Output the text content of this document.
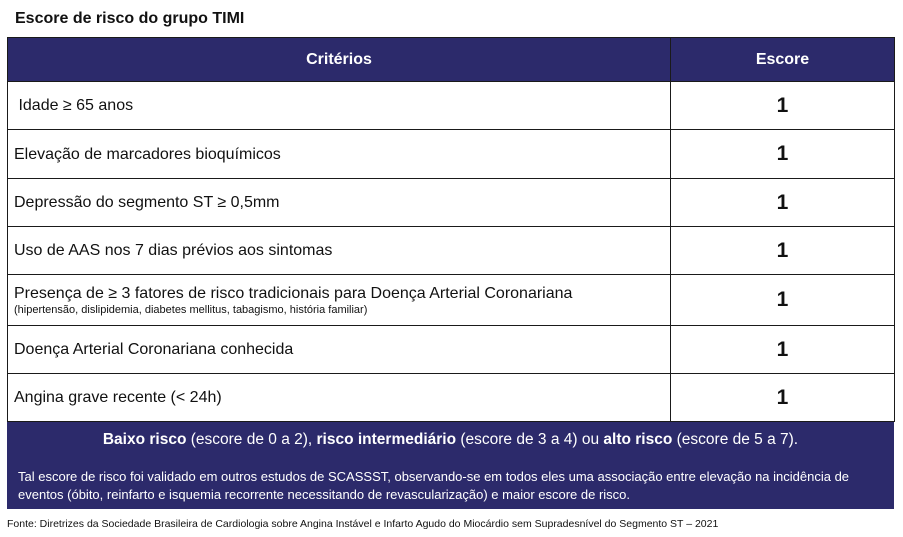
Escore de risco do grupo TIMI
Critérios	Escore
Idade ≥ 65 anos	1
Elevação de marcadores bioquímicos	1
Depressão do segmento ST ≥ 0,5mm	1
Uso de AAS nos 7 dias prévios aos sintomas	1

Presença de ≥ 3 fatores de risco tradicionais para Doença Arterial Coronariana
(hipertensão, dislipidemia, diabetes mellitus, tabagismo, história familiar)	1
Doença Arterial Coronariana conhecida	1
Angina grave recente (< 24h)	1
Baixo risco (escore de 0 a 2), risco intermediário (escore de 3 a 4) ou alto risco (escore de 5 a 7).
Tal escore de risco foi validado em outros estudos de SCASSST, observando-se em todos eles uma associação entre elevação na incidência de eventos (óbito, reinfarto e isquemia recorrente necessitando de revascularização) e maior escore de risco.
Fonte: Diretrizes da Sociedade Brasileira de Cardiologia sobre Angina Instável e Infarto Agudo do Miocárdio sem Supradesnível do Segmento ST – 2021
